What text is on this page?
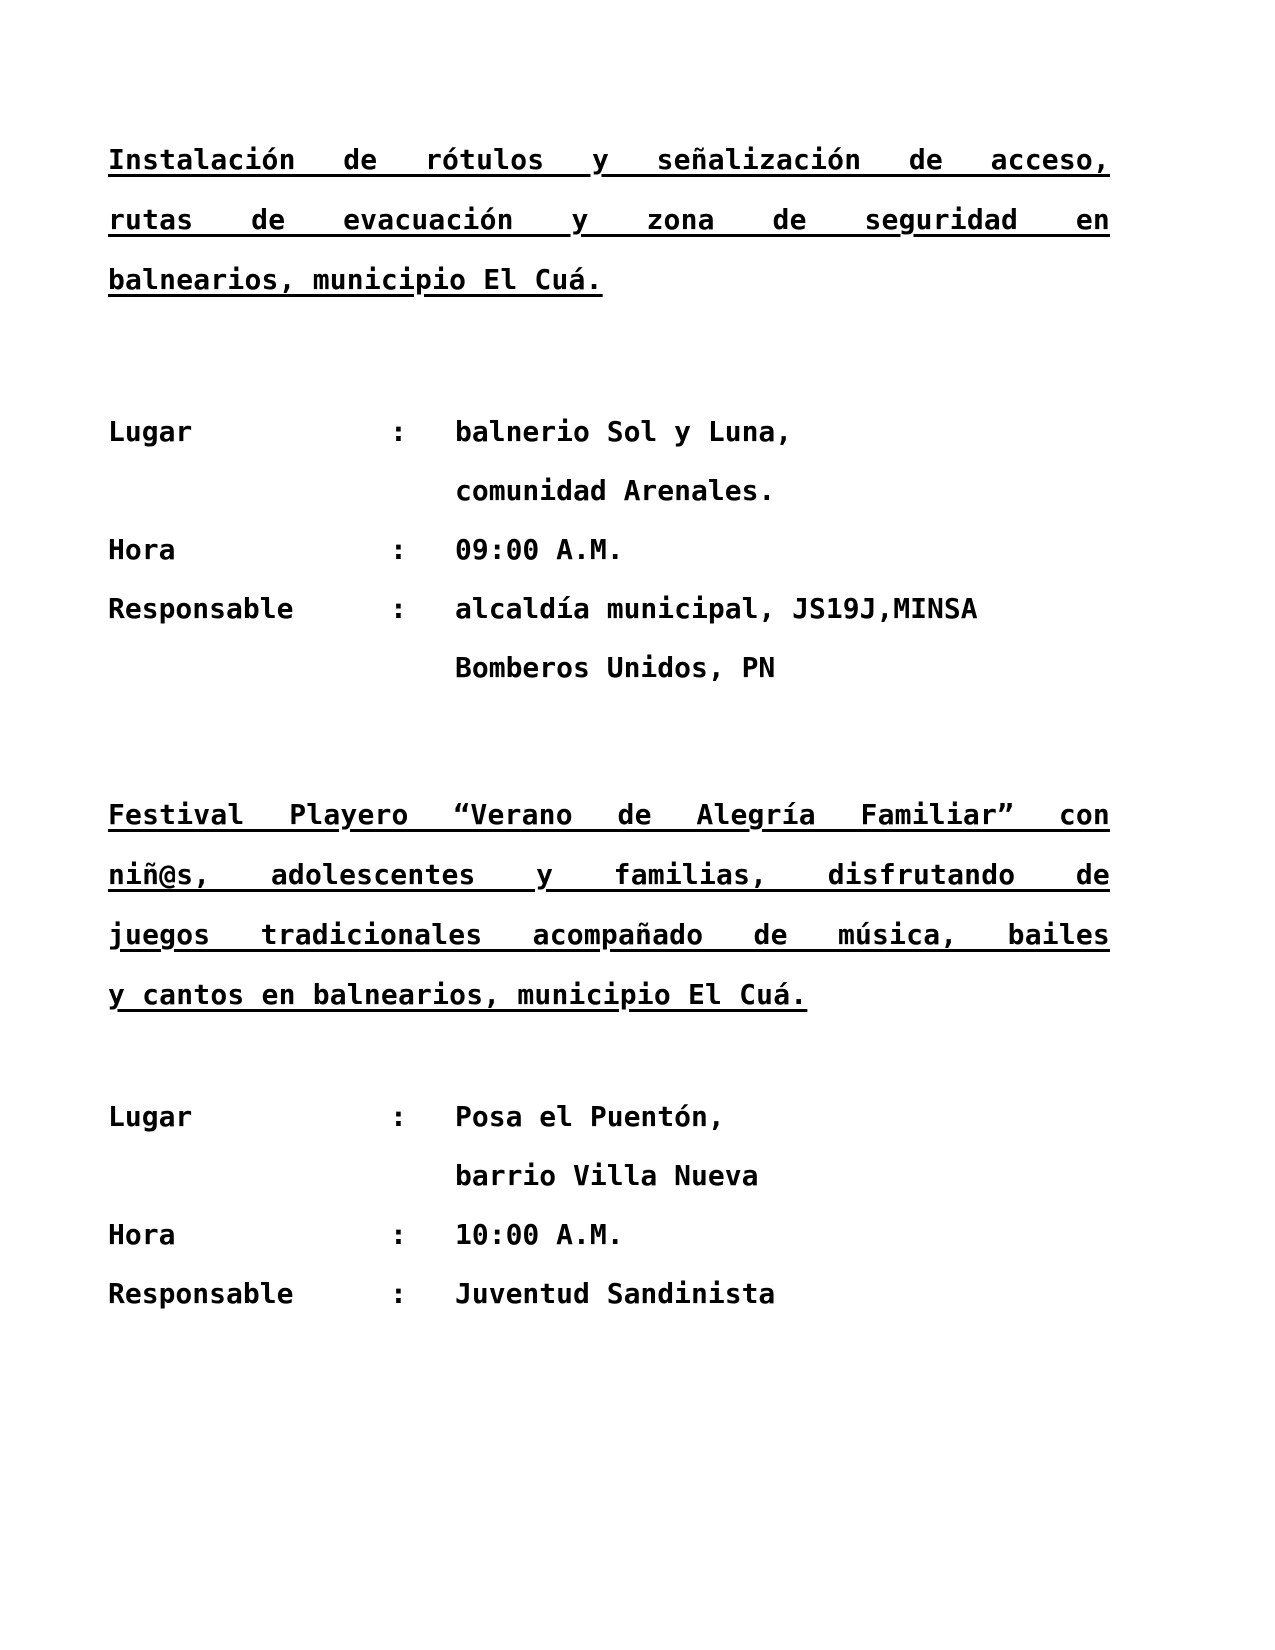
Instalación de rótulos y señalización de acceso,
rutas de evacuación y zona de seguridad en
balnearios, municipio El Cuá.

Lugar	:	balnerio Sol y Luna,
comunidad Arenales.
Hora	:	09:00 A.M.
Responsable	:	alcaldía municipal, JS19J,MINSA
Bomberos Unidos, PN

Festival Playero “Verano de Alegría Familiar” con
niñ@s, adolescentes y familias, disfrutando de
juegos tradicionales acompañado de música, bailes
y cantos en balnearios, municipio El Cuá.

Lugar	:	Posa el Puentón,
barrio Villa Nueva
Hora	:	10:00 A.M.
Responsable	:	Juventud Sandinista
